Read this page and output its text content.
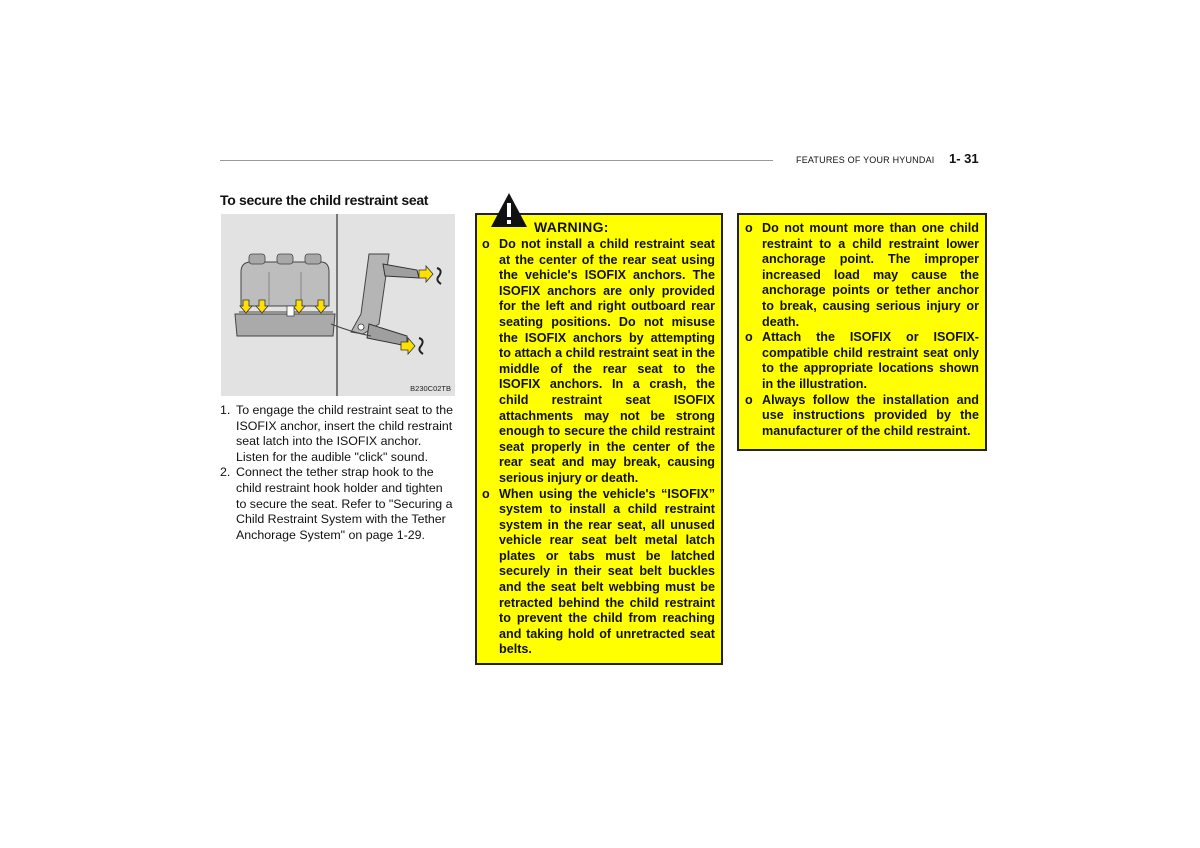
FEATURES OF YOUR HYUNDAI 1- 31
To secure the child restraint seat
B230C02TB
1. To engage the child restraint seat to the ISOFIX anchor, insert the child restraint seat latch into the ISOFIX anchor. Listen for the audible "click" sound.
2. Connect the tether strap hook to the child restraint hook holder and tighten to secure the seat. Refer to "Securing a Child Restraint System with the Tether Anchorage System" on page 1-29.
WARNING:
o Do not install a child restraint seat at the center of the rear seat using the vehicle's ISOFIX anchors. The ISOFIX anchors are only provided for the left and right outboard rear seating positions. Do not misuse the ISOFIX anchors by attempting to attach a child restraint seat in the middle of the rear seat to the ISOFIX anchors. In a crash, the child restraint seat ISOFIX attachments may not be strong enough to secure the child restraint seat properly in the center of the rear seat and may break, causing serious injury or death.
o When using the vehicle's “ISOFIX” system to install a child restraint system in the rear seat, all unused vehicle rear seat belt metal latch plates or tabs must be latched securely in their seat belt buckles and the seat belt webbing must be retracted behind the child restraint to prevent the child from reaching and taking hold of unretracted seat belts.
o Do not mount more than one child restraint to a child restraint lower anchorage point. The improper increased load may cause the anchorage points or tether anchor to break, causing serious injury or death.
o Attach the ISOFIX or ISOFIX-compatible child restraint seat only to the appropriate locations shown in the illustration.
o Always follow the installation and use instructions provided by the manufacturer of the child restraint.
